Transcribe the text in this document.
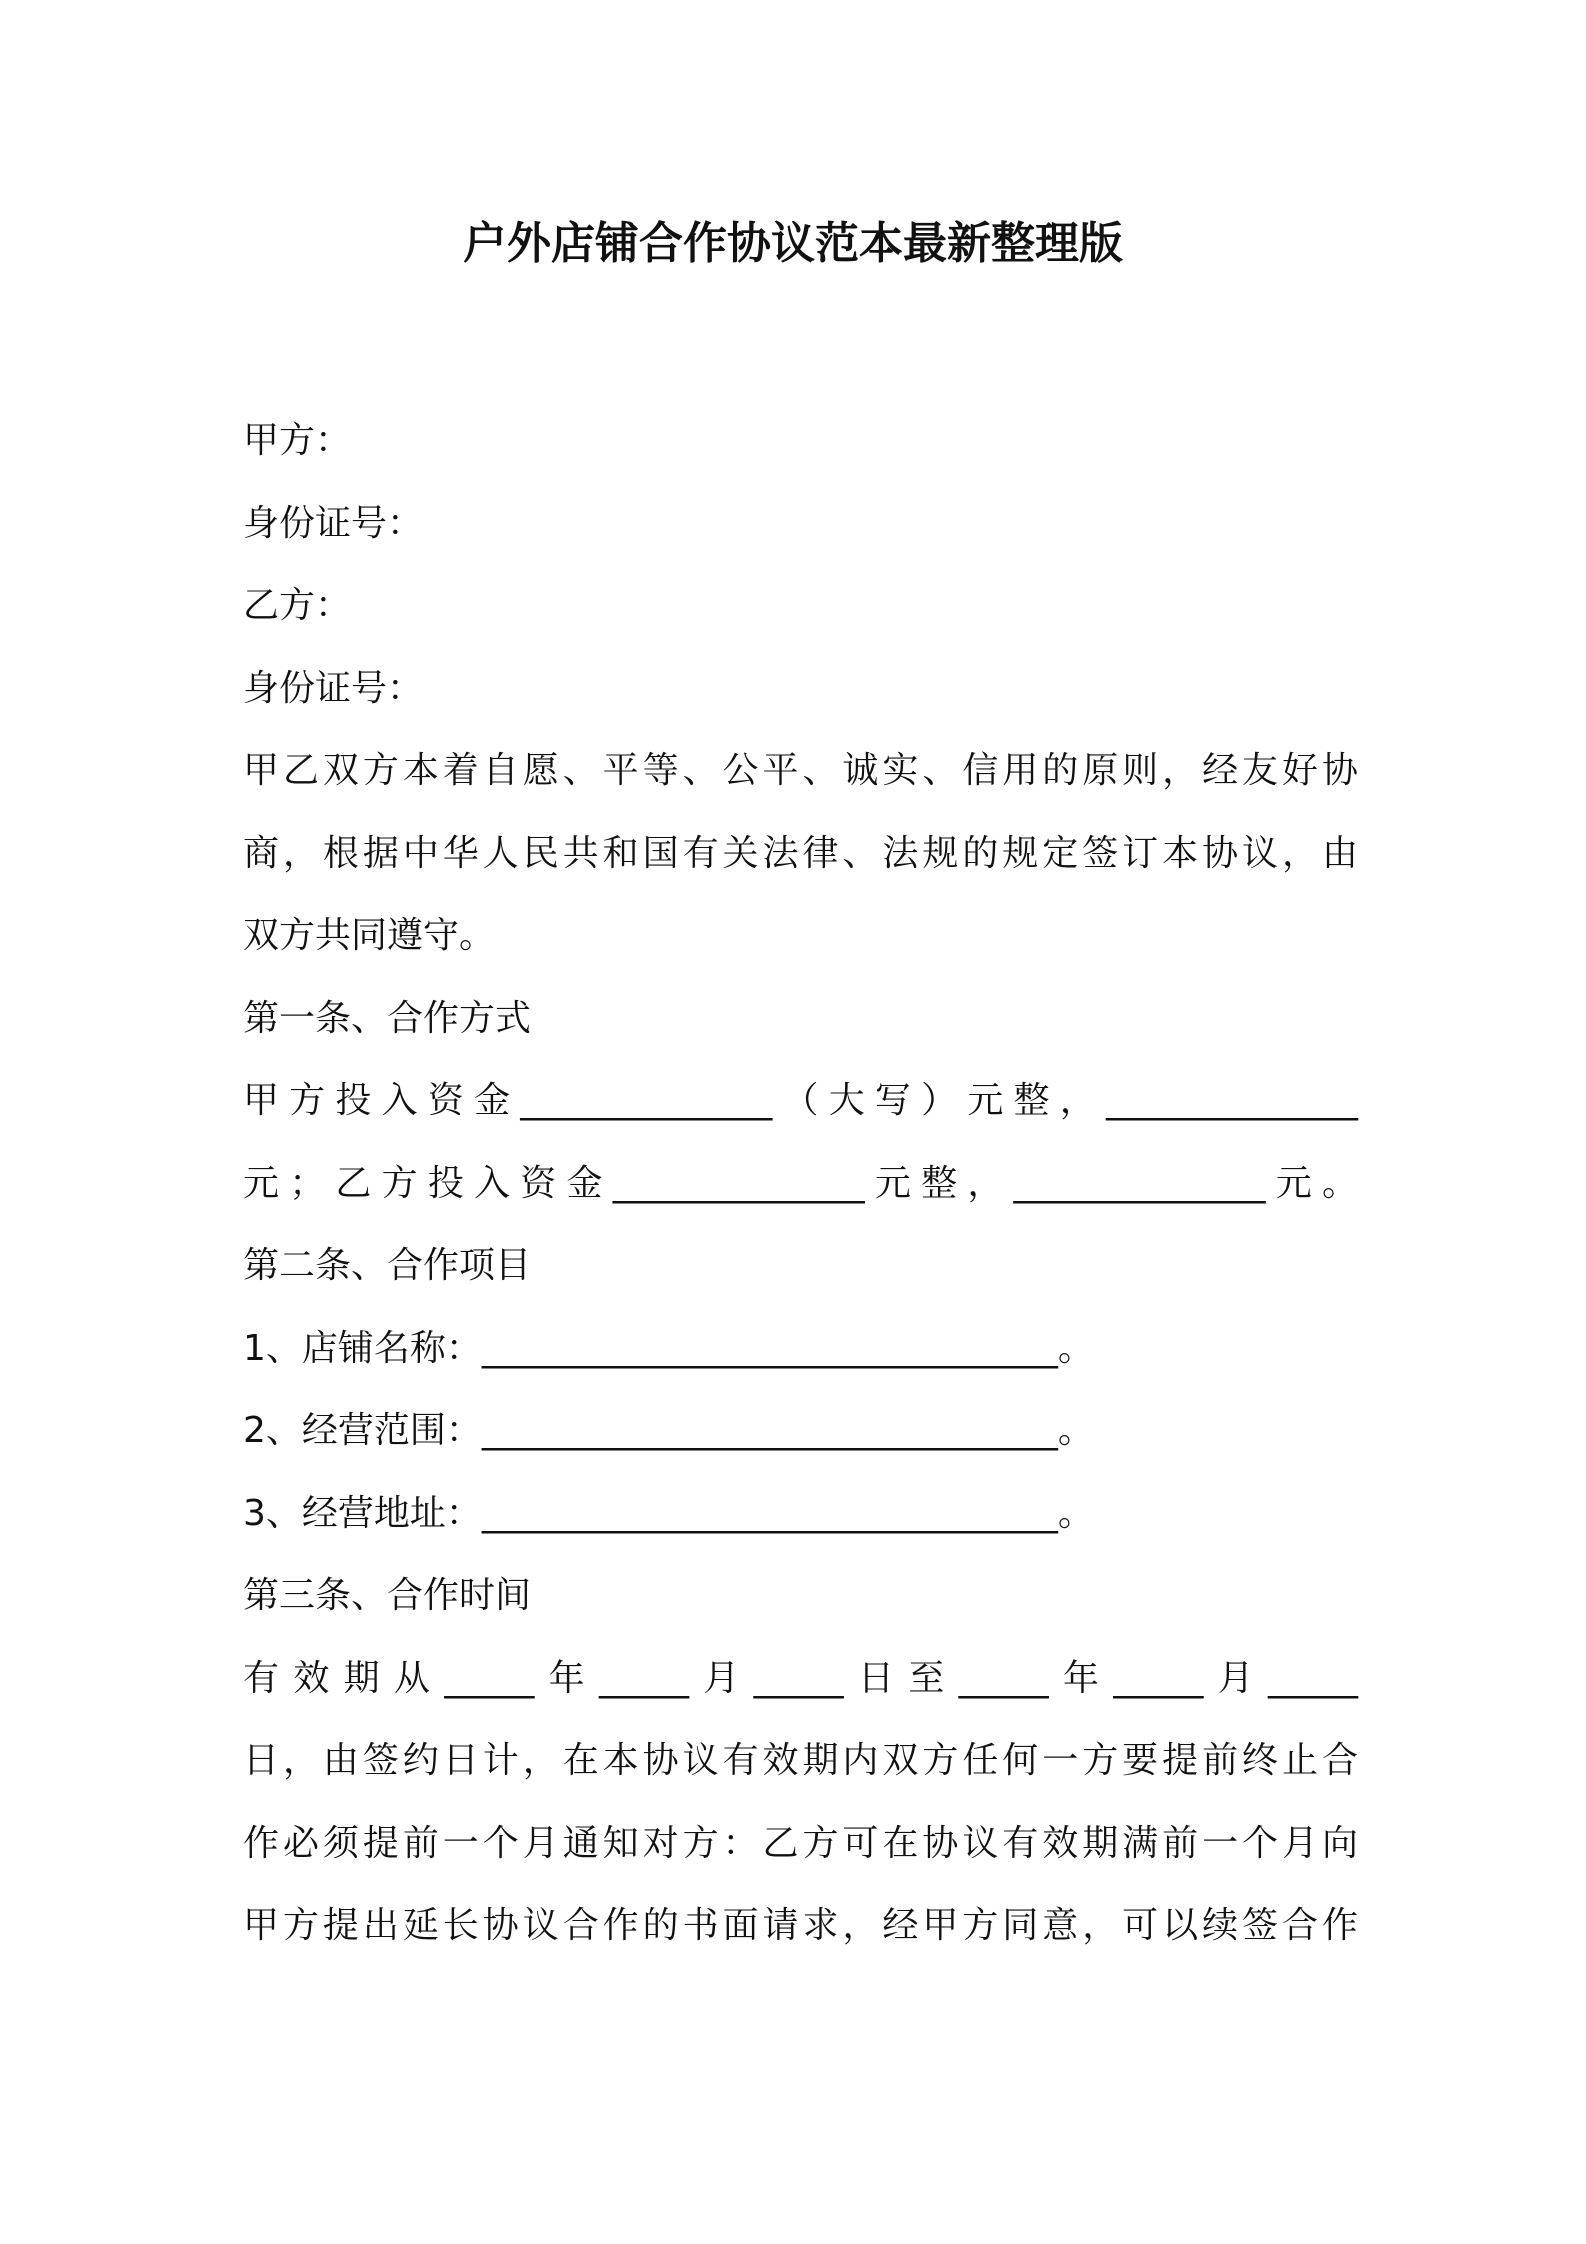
户外店铺合作协议范本最新整理版
甲方：
身份证号：
乙方：
身份证号：
甲乙双方本着自愿、平等、公平、诚实、信用的原则，经友好协
商，根据中华人民共和国有关法律、法规的规定签订本协议，由
双方共同遵守。
第一条、合作方式
甲方投入资金______________（大写）元整，______________
元；乙方投入资金______________元整，______________元。
第二条、合作项目
1、店铺名称：________________________________。
2、经营范围：________________________________。
3、经营地址：________________________________。
第三条、合作时间
有效期从_____年_____月_____日至_____年_____月_____
日，由签约日计，在本协议有效期内双方任何一方要提前终止合
作必须提前一个月通知对方：乙方可在协议有效期满前一个月向
甲方提出延长协议合作的书面请求，经甲方同意，可以续签合作
